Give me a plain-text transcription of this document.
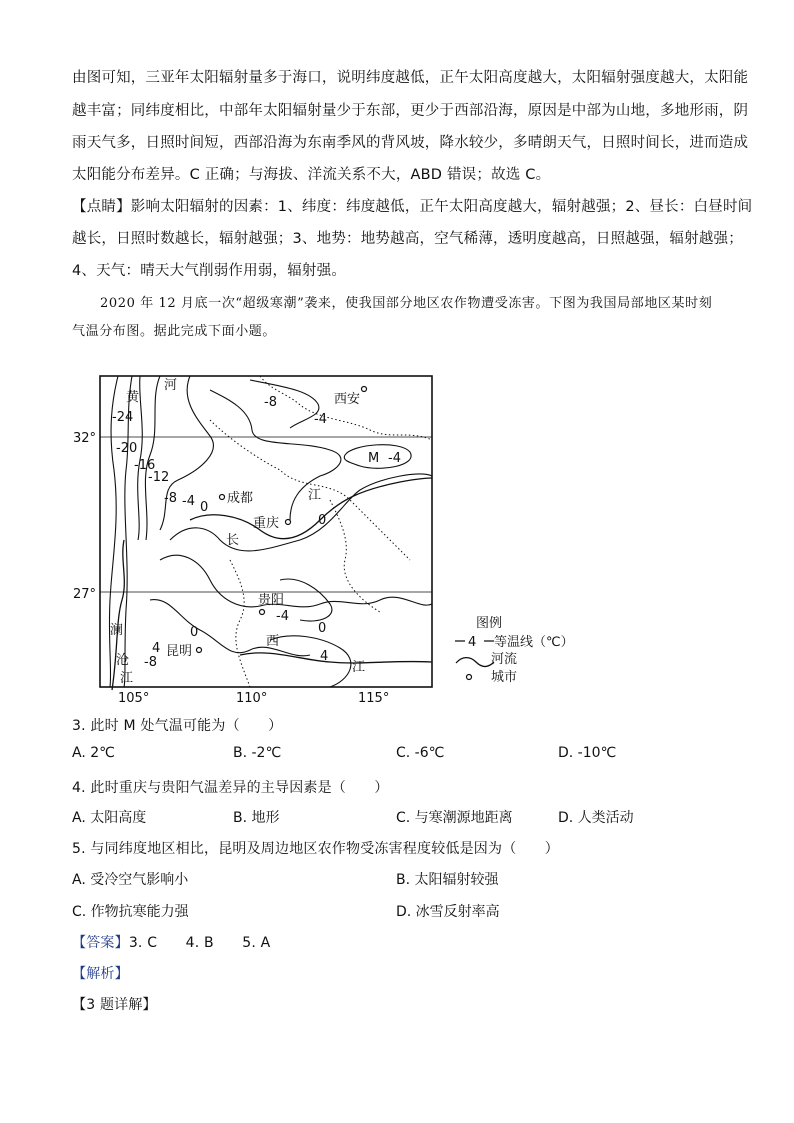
由图可知，三亚年太阳辐射量多于海口，说明纬度越低，正午太阳高度越大，太阳辐射强度越大，太阳能
越丰富；同纬度相比，中部年太阳辐射量少于东部，更少于西部沿海，原因是中部为山地，多地形雨，阴
雨天气多，日照时间短，西部沿海为东南季风的背风坡，降水较少，多晴朗天气，日照时间长，进而造成
太阳能分布差异。C 正确；与海拔、洋流关系不大，ABD 错误；故选 C。
【点睛】影响太阳辐射的因素：1、纬度：纬度越低，正午太阳高度越大，辐射越强；2、昼长：白昼时间
越长，日照时数越长，辐射越强；3、地势：地势越高，空气稀薄，透明度越高，日照越强，辐射越强；
4、天气：晴天大气削弱作用弱，辐射强。
2020 年 12 月底一次“超级寒潮”袭来，使我国部分地区农作物遭受冻害。下图为我国局部地区某时刻
气温分布图。据此完成下面小题。
32°
27°
105°	110°	115°
-24
-20
-16
-12
-8 -4 0
-8
-4
-4
0
-4
0
4
-8
0
4
西安
成都
重庆
贵阳
昆明
M
黄
河
江
长
澜
沧
江
西
江
图例
4 等温线（℃）
河流
城市
3. 此时 M 处气温可能为（　　）
A. 2℃	B. -2℃	C. -6℃	D. -10℃
4. 此时重庆与贵阳气温差异的主导因素是（　　）
A. 太阳高度	B. 地形	C. 与寒潮源地距离	D. 人类活动
5. 与同纬度地区相比，昆明及周边地区农作物受冻害程度较低是因为（　　）
A. 受冷空气影响小	B. 太阳辐射较强
C. 作物抗寒能力强	D. 冰雪反射率高
【答案】3. C　　4. B　　5. A
【解析】
【3 题详解】
